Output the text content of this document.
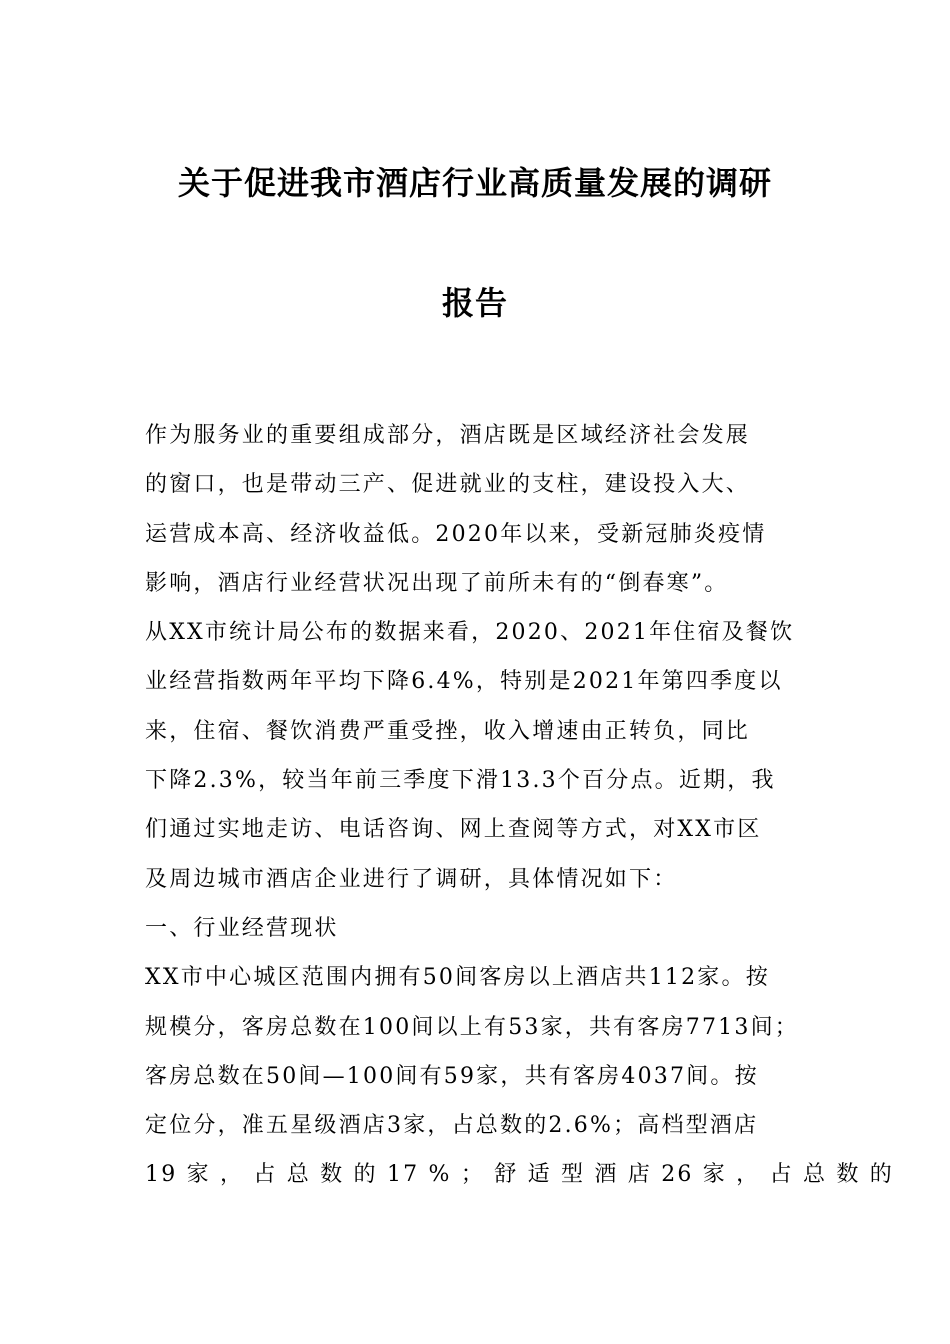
关于促进我市酒店行业高质量发展的调研
报告
作为服务业的重要组成部分，酒店既是区域经济社会发展
的窗口，也是带动三产、促进就业的支柱，建设投入大、
运营成本高、经济收益低。2020年以来，受新冠肺炎疫情
影响，酒店行业经营状况出现了前所未有的“倒春寒”。
从XX市统计局公布的数据来看，2020、2021年住宿及餐饮
业经营指数两年平均下降6.4%，特别是2021年第四季度以
来，住宿、餐饮消费严重受挫，收入增速由正转负，同比
下降2.3%，较当年前三季度下滑13.3个百分点。近期，我
们通过实地走访、电话咨询、网上查阅等方式，对XX市区
及周边城市酒店企业进行了调研，具体情况如下：
一、行业经营现状
XX市中心城区范围内拥有50间客房以上酒店共112家。按
规模分，客房总数在100间以上有53家，共有客房7713间；
客房总数在50间—100间有59家，共有客房4037间。按
定位分，准五星级酒店3家，占总数的2.6%；高档型酒店
19 家 ， 占 总 数 的 17 % ； 舒 适 型 酒 店 26 家 ， 占 总 数 的
